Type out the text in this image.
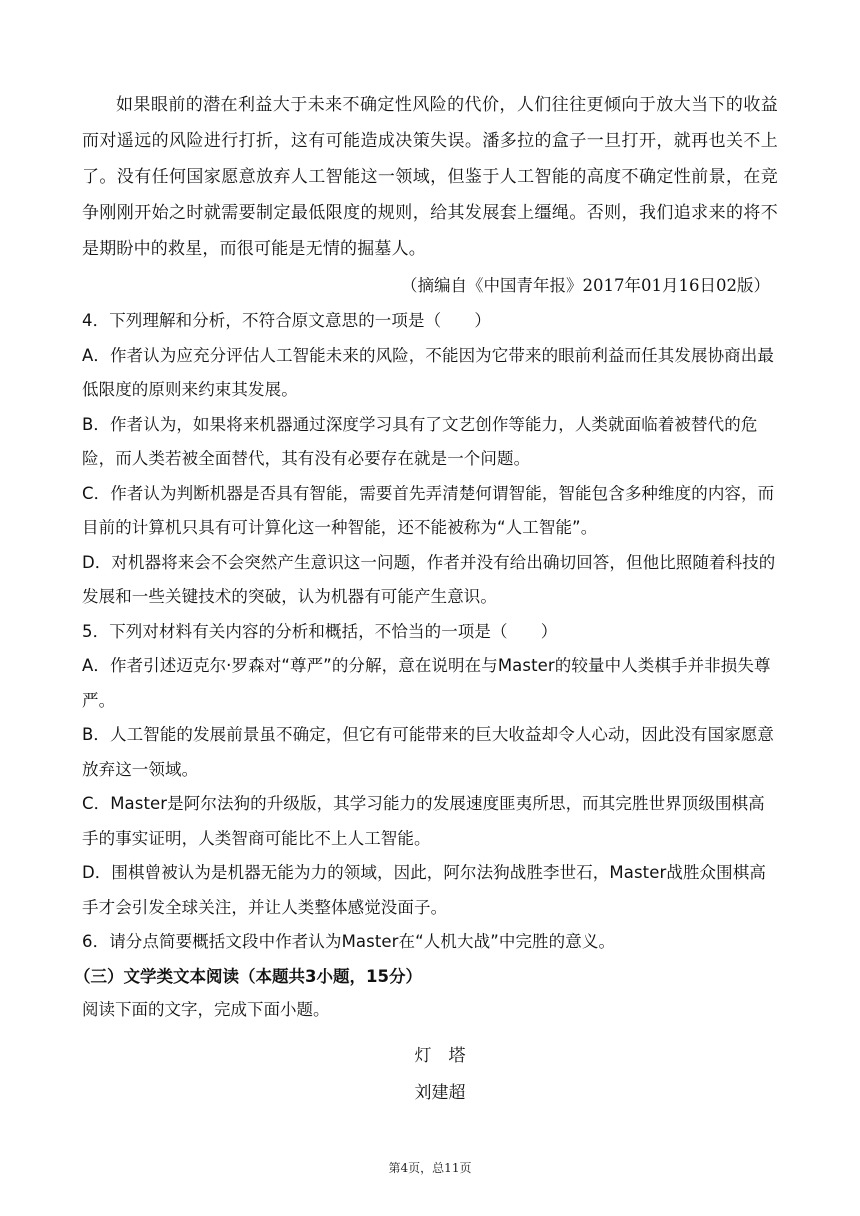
如果眼前的潜在利益大于未来不确定性风险的代价，人们往往更倾向于放大当下的收益而对遥远的风险进行打折，这有可能造成决策失误。潘多拉的盒子一旦打开，就再也关不上了。没有任何国家愿意放弃人工智能这一领域，但鉴于人工智能的高度不确定性前景，在竞争刚刚开始之时就需要制定最低限度的规则，给其发展套上缰绳。否则，我们追求来的将不是期盼中的救星，而很可能是无情的掘墓人。

（摘编自《中国青年报》2017年01月16日02版）

4．下列理解和分析，不符合原文意思的一项是（　　）

A．作者认为应充分评估人工智能未来的风险，不能因为它带来的眼前利益而任其发展协商出最低限度的原则来约束其发展。

B．作者认为，如果将来机器通过深度学习具有了文艺创作等能力，人类就面临着被替代的危险，而人类若被全面替代，其有没有必要存在就是一个问题。

C．作者认为判断机器是否具有智能，需要首先弄清楚何谓智能，智能包含多种维度的内容，而目前的计算机只具有可计算化这一种智能，还不能被称为“人工智能”。

D．对机器将来会不会突然产生意识这一问题，作者并没有给出确切回答，但他比照随着科技的发展和一些关键技术的突破，认为机器有可能产生意识。

5．下列对材料有关内容的分析和概括，不恰当的一项是（　　）

A．作者引述迈克尔·罗森对“尊严”的分解，意在说明在与Master的较量中人类棋手并非损失尊严。

B．人工智能的发展前景虽不确定，但它有可能带来的巨大收益却令人心动，因此没有国家愿意放弃这一领域。

C．Master是阿尔法狗的升级版，其学习能力的发展速度匪夷所思，而其完胜世界顶级围棋高手的事实证明，人类智商可能比不上人工智能。

D．围棋曾被认为是机器无能为力的领域，因此，阿尔法狗战胜李世石，Master战胜众围棋高手才会引发全球关注，并让人类整体感觉没面子。

6．请分点简要概括文段中作者认为Master在“人机大战”中完胜的意义。

（三）文学类文本阅读（本题共3小题，15分）

阅读下面的文字，完成下面小题。

灯　塔

刘建超

第4页，总11页
